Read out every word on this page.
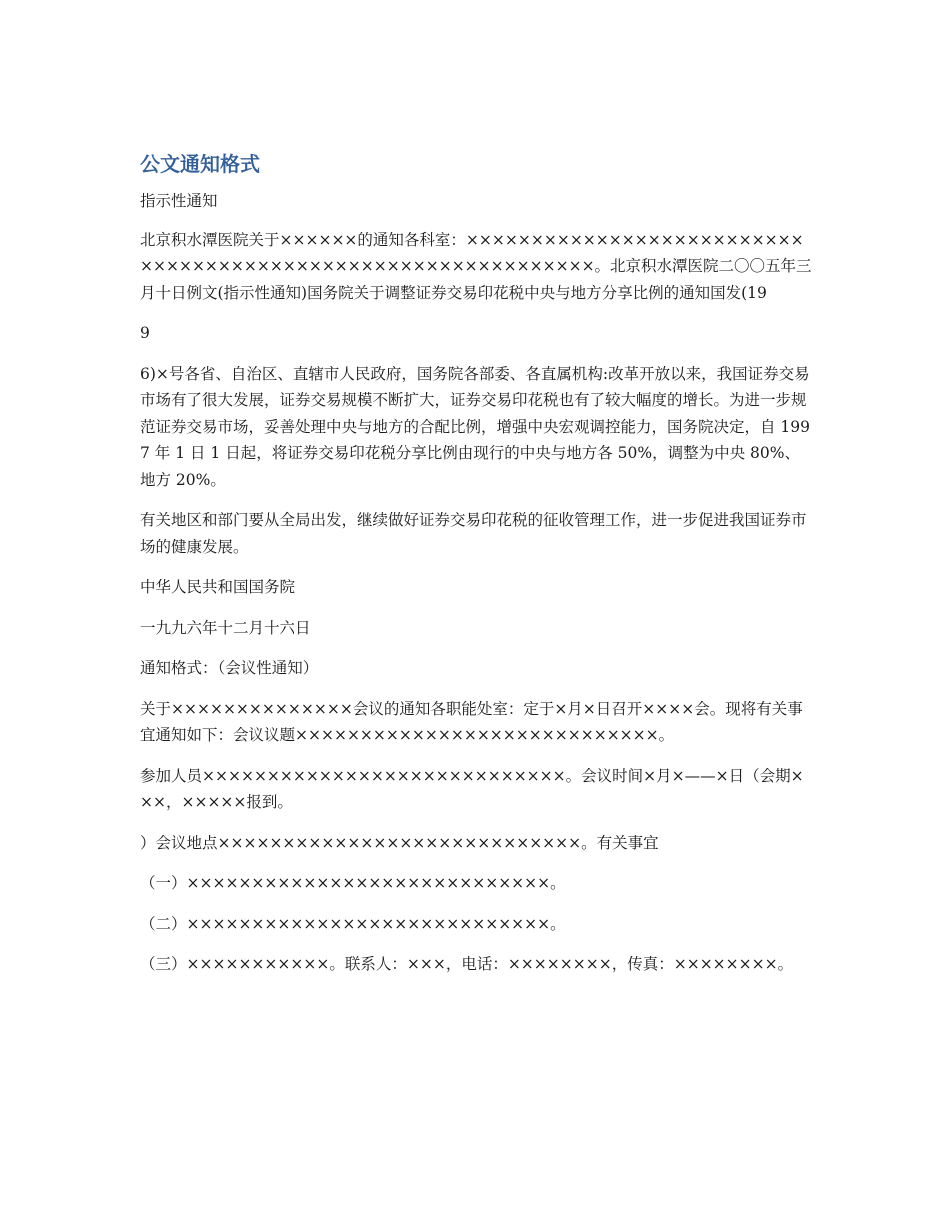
公文通知格式

指示性通知

北京积水潭医院关于××××××的通知各科室：×××××××××××××××××××××××××××××××××××××××××××××××××××××××××××××。北京积水潭医院二〇〇五年三月十日例文(指示性通知)国务院关于调整证券交易印花税中央与地方分享比例的通知国发(19

9

6)×号各省、自治区、直辖市人民政府，国务院各部委、各直属机构:改革开放以来，我国证券交易市场有了很大发展，证券交易规模不断扩大，证券交易印花税也有了较大幅度的增长。为进一步规范证券交易市场，妥善处理中央与地方的合配比例，增强中央宏观调控能力，国务院决定，自 1997 年 1 日 1 日起，将证券交易印花税分享比例由现行的中央与地方各 50%，调整为中央 80%、地方 20%。

有关地区和部门要从全局出发，继续做好证券交易印花税的征收管理工作，进一步促进我国证券市场的健康发展。

中华人民共和国国务院

一九九六年十二月十六日

通知格式：（会议性通知）

关于××××××××××××××会议的通知各职能处室：定于×月×日召开××××会。现将有关事宜通知如下：会议议题××××××××××××××××××××××××××××。

参加人员××××××××××××××××××××××××××××。会议时间×月×——×日（会期×××，×××××报到。

）会议地点××××××××××××××××××××××××××××。有关事宜

（一）××××××××××××××××××××××××××××。

（二）××××××××××××××××××××××××××××。

（三）×××××××××××。联系人：×××，电话：××××××××，传真：××××××××。
